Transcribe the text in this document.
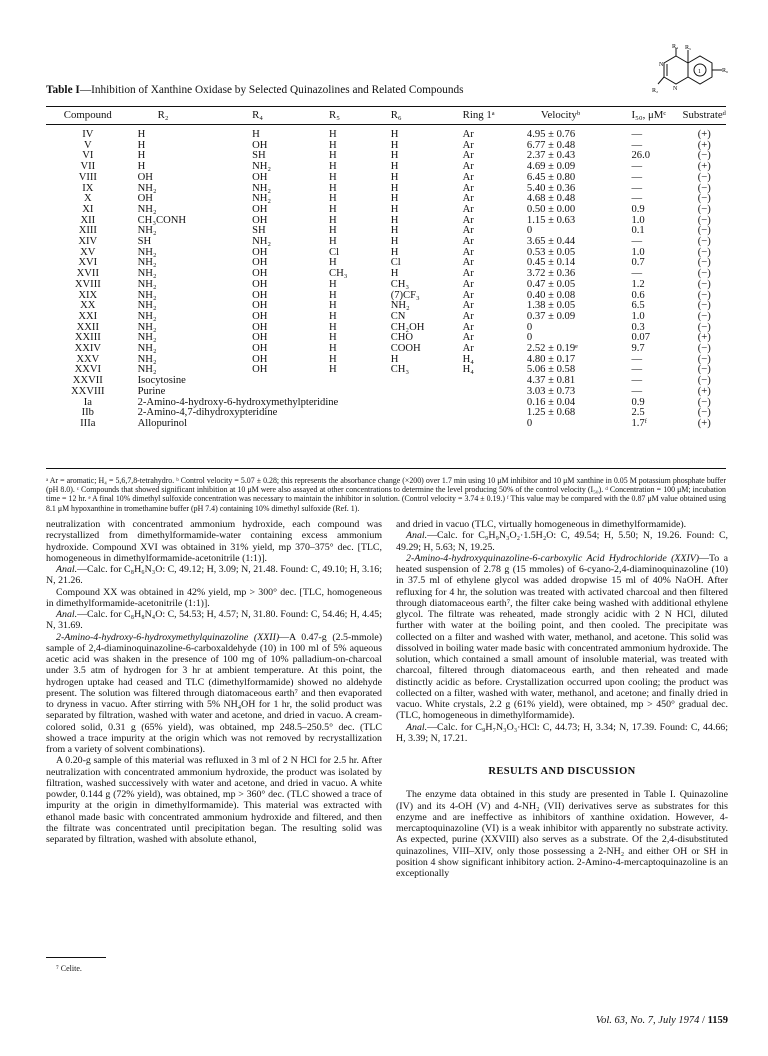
Table I—Inhibition of Xanthine Oxidase by Selected Quinazolines and Related Compounds
R₄ R₅
R₆
R₂
N
N
1
Compound	R₂	R₄	R₅	R₆	Ring 1ᵃ	Velocityᵇ	I₅₀, μMᶜ	Substrateᵈ
IV	H	H	H	H	Ar	4.95 ± 0.76	—	(+)
V	H	OH	H	H	Ar	6.77 ± 0.48	—	(+)
VI	H	SH	H	H	Ar	2.37 ± 0.43	26.0	(−)
VII	H	NH₂	H	H	Ar	4.69 ± 0.09	—	(+)
VIII	OH	OH	H	H	Ar	6.45 ± 0.80	—	(−)
IX	NH₂	NH₂	H	H	Ar	5.40 ± 0.36	—	(−)
X	OH	NH₂	H	H	Ar	4.68 ± 0.48	—	(−)
XI	NH₂	OH	H	H	Ar	0.50 ± 0.00	0.9	(−)
XII	CH₃CONH	OH	H	H	Ar	1.15 ± 0.63	1.0	(−)
XIII	NH₂	SH	H	H	Ar	0	0.1	(−)
XIV	SH	NH₂	H	H	Ar	3.65 ± 0.44	—	(−)
XV	NH₂	OH	Cl	H	Ar	0.53 ± 0.05	1.0	(−)
XVI	NH₂	OH	H	Cl	Ar	0.45 ± 0.14	0.7	(−)
XVII	NH₂	OH	CH₃	H	Ar	3.72 ± 0.36	—	(−)
XVIII	NH₂	OH	H	CH₃	Ar	0.47 ± 0.05	1.2	(−)
XIX	NH₂	OH	H	(7)CF₃	Ar	0.40 ± 0.08	0.6	(−)
XX	NH₂	OH	H	NH₂	Ar	1.38 ± 0.05	6.5	(−)
XXI	NH₂	OH	H	CN	Ar	0.37 ± 0.09	1.0	(−)
XXII	NH₂	OH	H	CH₂OH	Ar	0	0.3	(−)
XXIII	NH₂	OH	H	CHO	Ar	0	0.07	(+)
XXIV	NH₂	OH	H	COOH	Ar	2.52 ± 0.19ᵉ	9.7	(−)
XXV	NH₂	OH	H	H	H₄	4.80 ± 0.17	—	(−)
XXVI	NH₂	OH	H	CH₃	H₄	5.06 ± 0.58	—	(−)
XXVII	Isocytosine					4.37 ± 0.81	—	(−)
XXVIII	Purine					3.03 ± 0.73	—	(+)
Ia	2-Amino-4-hydroxy-6-hydroxymethylpteridine					0.16 ± 0.04	0.9	(−)
IIb	2-Amino-4,7-dihydroxypteridine					1.25 ± 0.68	2.5	(−)
IIIa	Allopurinol					0	1.7ᶠ	(+)
ᵃ Ar = aromatic; H₄ = 5,6,7,8-tetrahydro. ᵇ Control velocity = 5.07 ± 0.28; this represents the absorbance change (×200) over 1.7 min using 10 μM inhibitor and 10 μM xanthine in 0.05 M potassium phosphate buffer (pH 8.0). ᶜ Compounds that showed significant inhibition at 10 μM were also assayed at other concentrations to determine the level producing 50% of the control velocity (I₅₀). ᵈ Concentration = 100 μM; incubation time = 12 hr. ᵉ A final 10% dimethyl sulfoxide concentration was necessary to maintain the inhibitor in solution. (Control velocity = 3.74 ± 0.19.) ᶠ This value may be compared with the 0.87 μM value obtained using 8.1 μM hypoxanthine in tromethamine buffer (pH 7.4) containing 10% dimethyl sulfoxide (Ref. 1).

neutralization with concentrated ammonium hydroxide, each compound was recrystallized from dimethylformamide-water containing excess ammonium hydroxide. Compound XVI was obtained in 31% yield, mp 370–375° dec. [TLC, homogeneous in dimethylformamide-acetonitrile (1:1)].

Anal.—Calc. for C₈H₆N₃O: C, 49.12; H, 3.09; N, 21.48. Found: C, 49.10; H, 3.16; N, 21.26.

Compound XX was obtained in 42% yield, mp > 300° dec. [TLC, homogeneous in dimethylformamide-acetonitrile (1:1)].

Anal.—Calc. for C₈H₈N₄O: C, 54.53; H, 4.57; N, 31.80. Found: C, 54.46; H, 4.45; N, 31.69.

2-Amino-4-hydroxy-6-hydroxymethylquinazoline (XXII)—A 0.47-g (2.5-mmole) sample of 2,4-diaminoquinazoline-6-carboxaldehyde (10) in 100 ml of 5% aqueous acetic acid was shaken in the presence of 100 mg of 10% palladium-on-charcoal under 3.5 atm of hydrogen for 3 hr at ambient temperature. At this point, the hydrogen uptake had ceased and TLC (dimethylformamide) showed no aldehyde present. The solution was filtered through diatomaceous earth⁷ and then evaporated to dryness in vacuo. After stirring with 5% NH₄OH for 1 hr, the solid product was separated by filtration, washed with water and acetone, and dried in vacuo. A cream-colored solid, 0.31 g (65% yield), was obtained, mp 248.5–250.5° dec. (TLC showed a trace impurity at the origin which was not removed by recrystallization from a variety of solvent combinations).

A 0.20-g sample of this material was refluxed in 3 ml of 2 N HCl for 2.5 hr. After neutralization with concentrated ammonium hydroxide, the product was isolated by filtration, washed successively with water and acetone, and dried in vacuo. A white powder, 0.144 g (72% yield), was obtained, mp > 360° dec. (TLC showed a trace of impurity at the origin in dimethylformamide). This material was extracted with ethanol made basic with concentrated ammonium hydroxide and filtered, and then the filtrate was concentrated until precipitation began. The resulting solid was separated by filtration, washed with absolute ethanol,

⁷ Celite.

and dried in vacuo (TLC, virtually homogeneous in dimethylformamide).

Anal.—Calc. for C₉H₉N₃O₂·1.5H₂O: C, 49.54; H, 5.50; N, 19.26. Found: C, 49.29; H, 5.63; N, 19.25.

2-Amino-4-hydroxyquinazoline-6-carboxylic Acid Hydrochloride (XXIV)—To a heated suspension of 2.78 g (15 mmoles) of 6-cyano-2,4-diaminoquinazoline (10) in 37.5 ml of ethylene glycol was added dropwise 15 ml of 40% NaOH. After refluxing for 4 hr, the solution was treated with activated charcoal and then filtered through diatomaceous earth⁷, the filter cake being washed with additional ethylene glycol. The filtrate was reheated, made strongly acidic with 2 N HCl, diluted further with water at the boiling point, and then cooled. The precipitate was collected on a filter and washed with water, methanol, and acetone. This solid was dissolved in boiling water made basic with concentrated ammonium hydroxide. The solution, which contained a small amount of insoluble material, was treated with charcoal, filtered through diatomaceous earth, and then reheated and made distinctly acidic as before. Crystallization occurred upon cooling; the product was collected on a filter, washed with water, methanol, and acetone; and finally dried in vacuo. White crystals, 2.2 g (61% yield), were obtained, mp > 450° gradual dec. (TLC, homogeneous in dimethylformamide).

Anal.—Calc. for C₉H₇N₃O₃·HCl: C, 44.73; H, 3.34; N, 17.39. Found: C, 44.66; H, 3.39; N, 17.21.

RESULTS AND DISCUSSION

The enzyme data obtained in this study are presented in Table I. Quinazoline (IV) and its 4-OH (V) and 4-NH₂ (VII) derivatives serve as substrates for this enzyme and are ineffective as inhibitors of xanthine oxidation. However, 4-mercaptoquinazoline (VI) is a weak inhibitor with apparently no substrate activity. As expected, purine (XXVIII) also serves as a substrate. Of the 2,4-disubstituted quinazolines, VIII–XIV, only those possessing a 2-NH₂ and either OH or SH in position 4 show significant inhibitory action. 2-Amino-4-mercaptoquinazoline is an exceptionally

Vol. 63, No. 7, July 1974 / 1159
